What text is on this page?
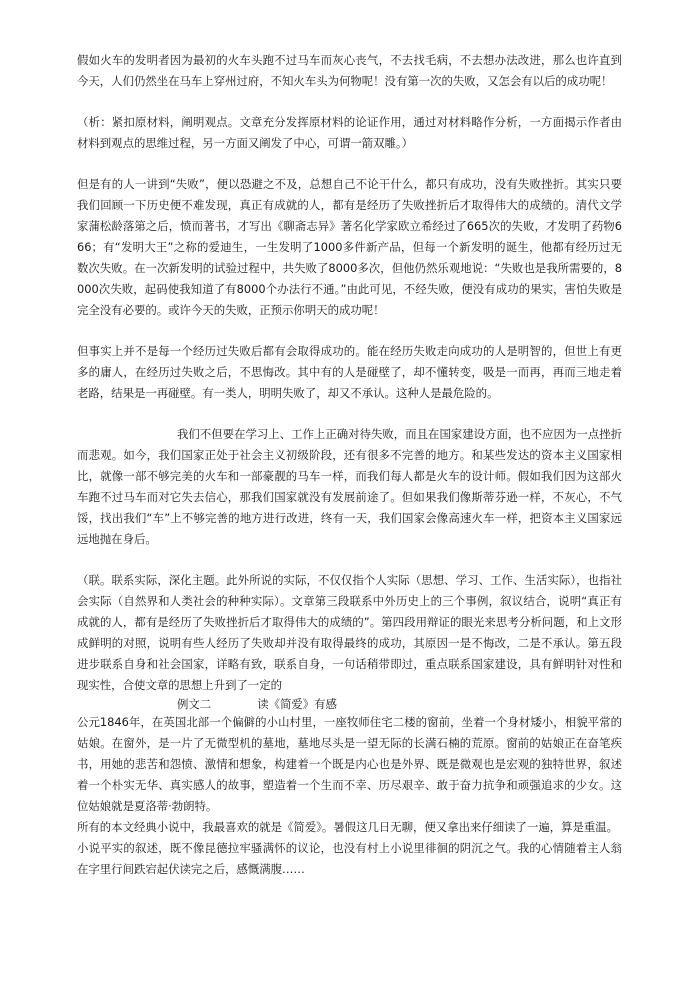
假如火车的发明者因为最初的火车头跑不过马车而灰心丧气，不去找毛病，不去想办法改进，那么也许直到今天，人们仍然坐在马车上穿州过府，不知火车头为何物呢！没有第一次的失败，又怎会有以后的成功呢！

（析：紧扣原材料，阐明观点。文章充分发挥原材料的论证作用，通过对材料略作分析，一方面揭示作者由材料到观点的思维过程，另一方面又阐发了中心，可谓一箭双雕。）

但是有的人一讲到“失败”，便以恐避之不及，总想自己不论干什么，都只有成功，没有失败挫折。其实只要我们回顾一下历史便不难发现，真正有成就的人，都有是经历了失败挫折后才取得伟大的成绩的。清代文学家蒲松龄落第之后，愤而著书，才写出《聊斋志异》著名化学家欧立希经过了665次的失败，才发明了药物666；有“发明大王”之称的爱迪生，一生发明了1000多件新产品，但每一个新发明的诞生，他都有经历过无数次失败。在一次新发明的试验过程中，共失败了8000多次，但他仍然乐观地说：“失败也是我所需要的，8000次失败，起码使我知道了有8000个办法行不通。”由此可见，不经失败，便没有成功的果实，害怕失败是完全没有必要的。或许今天的失败，正预示你明天的成功呢！

但事实上并不是每一个经历过失败后都有会取得成功的。能在经历失败走向成功的人是明智的，但世上有更多的庸人，在经历过失败之后，不思悔改。其中有的人是碰壁了，却不懂转变，吸是一而再，再而三地走着老路，结果是一再碰壁。有一类人，明明失败了，却又不承认。这种人是最危险的。

我们不但要在学习上、工作上正确对待失败，而且在国家建设方面，也不应因为一点挫折而悲观。如今，我们国家正处于社会主义初级阶段，还有很多不完善的地方。和某些发达的资本主义国家相比，就像一部不够完美的火车和一部豪靓的马车一样，而我们每人都是火车的设计师。假如我们因为这部火车跑不过马车而对它失去信心，那我们国家就没有发展前途了。但如果我们像斯蒂芬逊一样，不灰心，不气馁，找出我们“车”上不够完善的地方进行改进，终有一天，我们国家会像高速火车一样，把资本主义国家远远地抛在身后。

（联。联系实际，深化主题。此外所说的实际，不仅仅指个人实际（思想、学习、工作、生活实际），也指社会实际（自然界和人类社会的种种实际）。文章第三段联系中外历史上的三个事例，叙议结合，说明“真正有成就的人，都有是经历了失败挫折后才取得伟大的成绩的”。第四段用辩证的眼光来思考分析问题，和上文形成鲜明的对照，说明有些人经历了失败却并没有取得最终的成功，其原因一是不悔改，二是不承认。第五段进步联系自身和社会国家，详略有致，联系自身，一句话稍带即过，重点联系国家建设，具有鲜明针对性和现实性，合使文章的思想上升到了一定的

例文二	读《简爱》有感

公元1846年，在英国北部一个偏僻的小山村里，一座牧师住宅二楼的窗前，坐着一个身材矮小，相貌平常的姑娘。在窗外，是一片了无微型机的墓地，墓地尽头是一望无际的长满石楠的荒原。窗前的姑娘正在奋笔疾书，用她的悲苦和怨愤、激情和想象，构建着一个既是内心也是外界、既是微观也是宏观的独特世界，叙述着一个朴实无华、真实感人的故事，塑造着一个生而不幸、历尽艰辛、敢于奋力抗争和顽强追求的少女。这位姑娘就是夏洛蒂·勃朗特。

所有的本文经典小说中，我最喜欢的就是《简爱》。暑假这几日无聊，便又拿出来仔细读了一遍，算是重温。

小说平实的叙述，既不像昆德拉牢骚满怀的议论，也没有村上小说里徘徊的阴沉之气。我的心情随着主人翁在字里行间跌宕起伏读完之后，感慨满腹……
